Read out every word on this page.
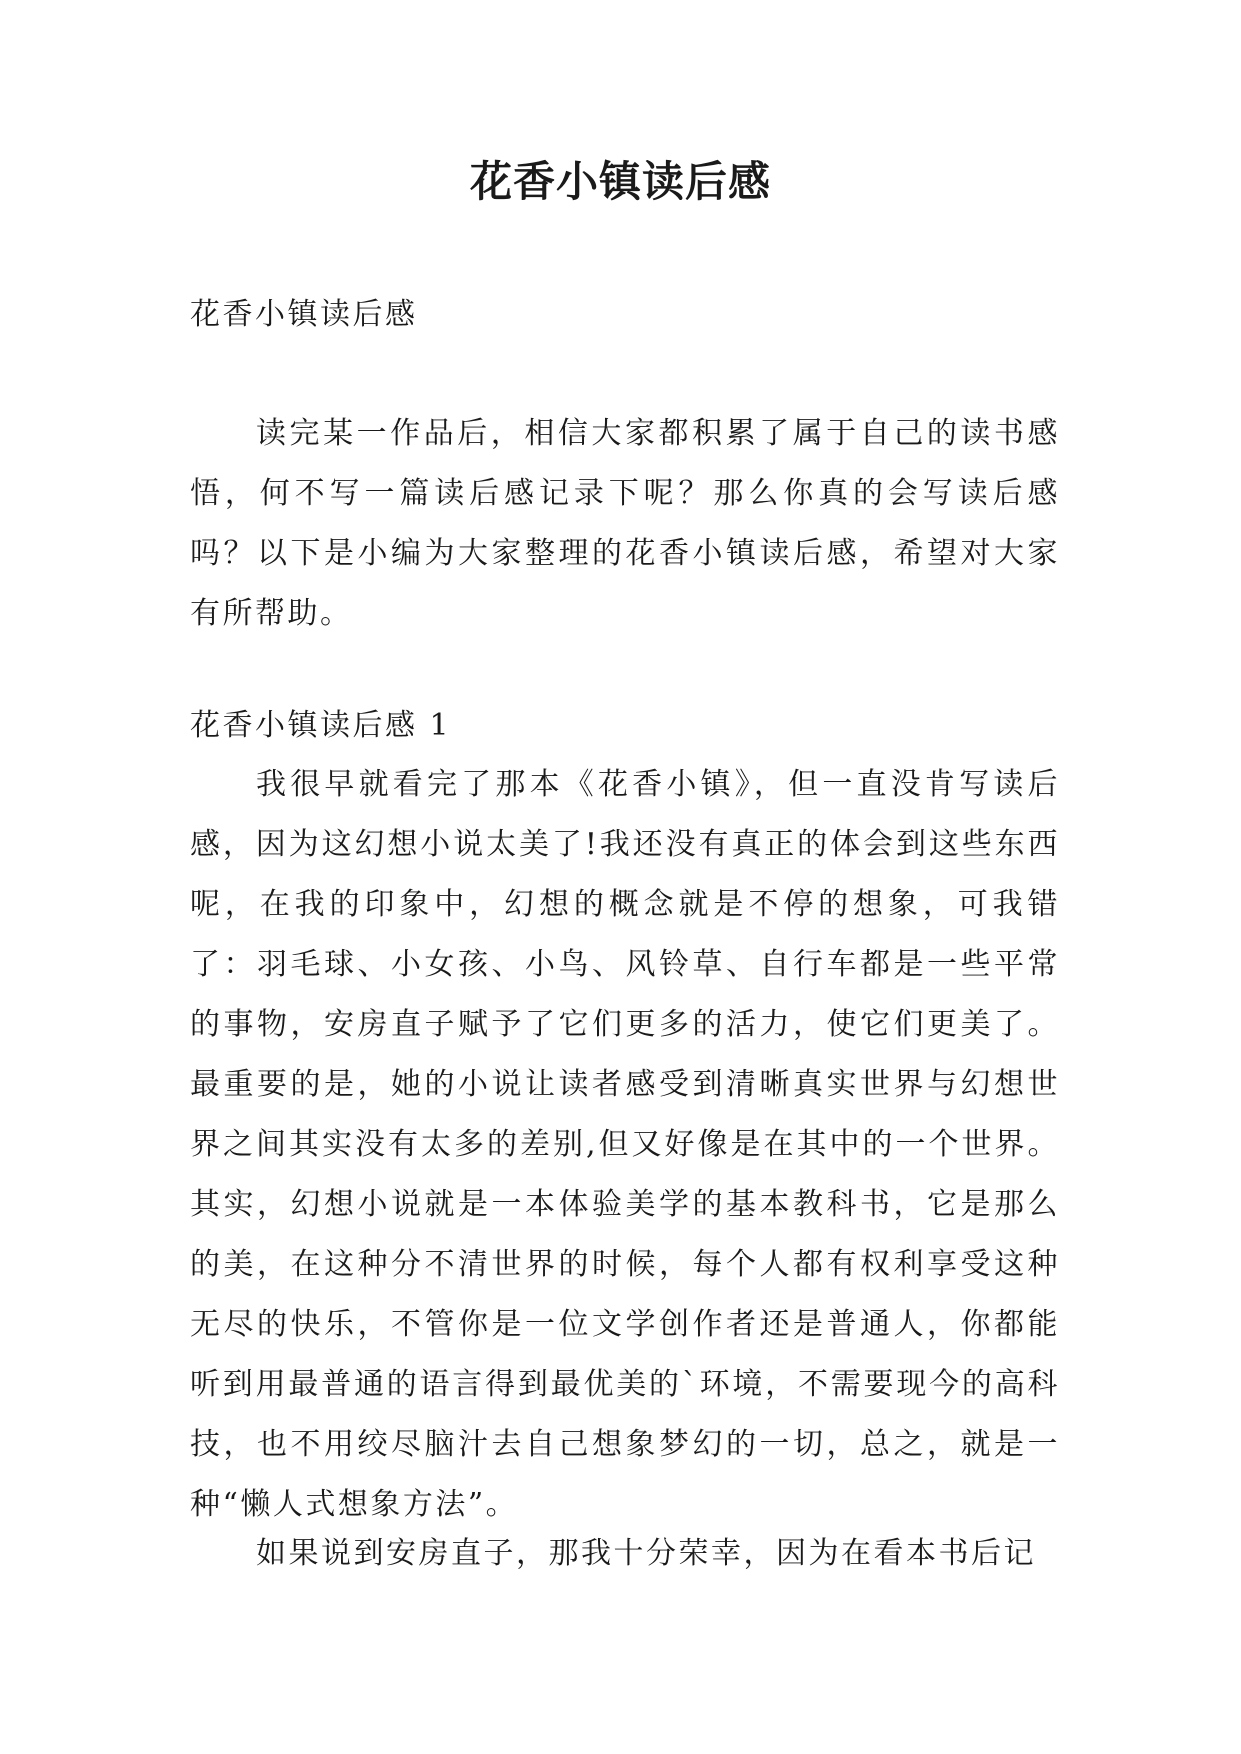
花香小镇读后感

花香小镇读后感

读完某一作品后，相信大家都积累了属于自己的读书感悟，何不写一篇读后感记录下呢？那么你真的会写读后感吗？以下是小编为大家整理的花香小镇读后感，希望对大家有所帮助。

花香小镇读后感 1

我很早就看完了那本《花香小镇》，但一直没肯写读后感，因为这幻想小说太美了!我还没有真正的体会到这些东西呢，在我的印象中，幻想的概念就是不停的想象，可我错了：羽毛球、小女孩、小鸟、风铃草、自行车都是一些平常的事物，安房直子赋予了它们更多的活力，使它们更美了。最重要的是，她的小说让读者感受到清晰真实世界与幻想世界之间其实没有太多的差别,但又好像是在其中的一个世界。其实，幻想小说就是一本体验美学的基本教科书，它是那么的美，在这种分不清世界的时候，每个人都有权利享受这种无尽的快乐，不管你是一位文学创作者还是普通人，你都能听到用最普通的语言得到最优美的`环境，不需要现今的高科技，也不用绞尽脑汁去自己想象梦幻的一切，总之，就是一种“懒人式想象方法”。

如果说到安房直子，那我十分荣幸，因为在看本书后记
